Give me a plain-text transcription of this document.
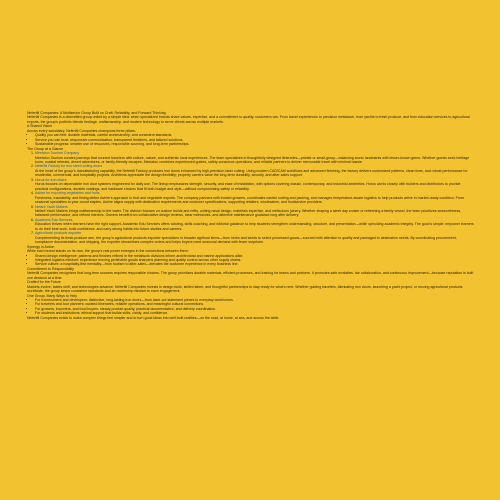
Nefertiti Companies: A Multisector Group Built on Craft, Reliability, and Forward Thinking

Nefertiti Companies is a diversified group united by a simple idea: when specialized brands share values, expertise, and a commitment to quality, customers win. From travel experiences to precision metalwork, from yachts to fresh produce, and from education services to agricultural exports, the group's portfolio blends heritage, craftsmanship, and modern technology to serve clients across multiple markets.

A Shared Vision

Across every subsidiary, Nefertiti Companies champions three pillars:

• Quality you can feel: durable materials, careful workmanship, and consistent standards.
• Service you can trust: responsive communication, transparent timelines, and tailored solutions.
• Sustainable progress: smarter use of resources, responsible sourcing, and long-term partnerships.
The Group at a Glance
1. Meetalon Tourism Company
Meetalon Tourism curates journeys that connect travelers with culture, nature, and authentic local experiences. The team specializes in thoughtfully designed itineraries—private or small-group—balancing iconic landmarks with lesser-known gems. Whether guests seek heritage tours, coastal retreats, desert adventures, or family-friendly escapes, Meetalon combines experienced guides, safety-conscious operations, and reliable partners to deliver memorable travel with minimal hassle.
2. Nefertiti Factory for iron steel roofing doors
At the heart of the group's manufacturing capability, the Nefertiti Factory produces iron doors enhanced by high-precision laser cutting. Using modern CAD/CAM workflows and advanced finishing, the factory delivers customized patterns, clean lines, and robust performance for residential, commercial, and hospitality projects. Architects appreciate the design flexibility; property owners value the long-term durability, security, and after-sales support.
3. Horus for iron doors
Horus focuses on dependable iron door systems engineered for daily use. The lineup emphasizes strength, security, and ease of installation, with options covering classic, contemporary, and industrial aesthetics. Horus works closely with builders and distributors to provide practical configurations, durable coatings, and hardware choices that fit both budget and style—without compromising safety or reliability.
4. Ashire for exporting vegetables and fruits
Freshness, traceability, and timing define Ashire's approach to fruit and vegetable exports. The company partners with trusted growers, coordinates careful sorting and packing, and manages temperature-aware logistics to help products arrive in market-ready condition. From seasonal specialties to year-round staples, Ashire aligns supply with destination requirements and customer specifications, supporting retailers, wholesalers, and foodservice providers.
5. Nefarti Yacht Makers
Nefarti Yacht Makers brings craftsmanship to the water. The division focuses on custom builds and refits, uniting naval design, materials expertise, and meticulous joinery. Whether shaping a sleek day cruiser or refreshing a family vessel, the team prioritizes seaworthiness, balanced performance, and refined interiors. Owners benefit from collaborative design reviews, clear milestones, and attentive maintenance guidance long after delivery.
6. Academic Edu Services
Education thrives when learners have the right support. Academic Edu Services offers tutoring, skills coaching, and editorial guidance to help students strengthen understanding, structure, and presentation—while upholding academic integrity. The goal is simple: empower learners to do their best work, build confidence, and carry strong habits into future studies and careers.
7. Agricultural products exporter
Complementing its fresh-produce arm, the group's agricultural products exporter specializes in broader agrifood items—from herbs and seeds to select processed goods—sourced with attention to quality and packaged to destination needs. By coordinating procurement, compliance documentation, and shipping, the exporter streamlines complex orders and helps buyers meet seasonal demand with fewer surprises.
Synergy in Action

While each brand stands on its own, the group's real power emerges in the connections between them:

• Shared design intelligence: patterns and finishes refined in the metalwork divisions inform architectural and marine applications alike.
• Integrated logistics mindset: experience moving perishable goods sharpens planning and quality control across other supply chains.
• Service culture: a hospitality-first mentality—from tourism to after-sales—elevates the customer experience in every business line.
Commitment to Responsibility

Nefertiti Companies recognizes that long-term success requires responsible choices. The group prioritizes durable materials, efficient processes, and training for teams and partners. It promotes safe worksites, fair collaboration, and continuous improvement—because reputation is built one decision at a time.

Crafted for the Future

Markets evolve, tastes shift, and technologies advance. Nefertiti Companies invests in design tools, skilled talent, and thoughtful partnerships to stay ready for what's next. Whether guiding travelers, fabricating iron doors, launching a yacht project, or moving agricultural products worldwide, the group keeps consistent standards and an ownership mindset to each engagement.

One Group, Many Ways to Help
• For homeowners and developers: distinctive, long-lasting iron doors—from laser-cut statement pieces to everyday workhorses.
• For travelers and tour planners: curated itineraries, reliable operations, and meaningful cultural connections.
• For growers, importers, and food buyers: steady product quality, practical documentation, and delivery coordination.
• For students and institutions: ethical support that builds skills, clarity, and confidence.

Nefertiti Companies exists to make complex things feel simpler and to turn good ideas into well-built realities—on the road, at home, at sea, and across the table.
